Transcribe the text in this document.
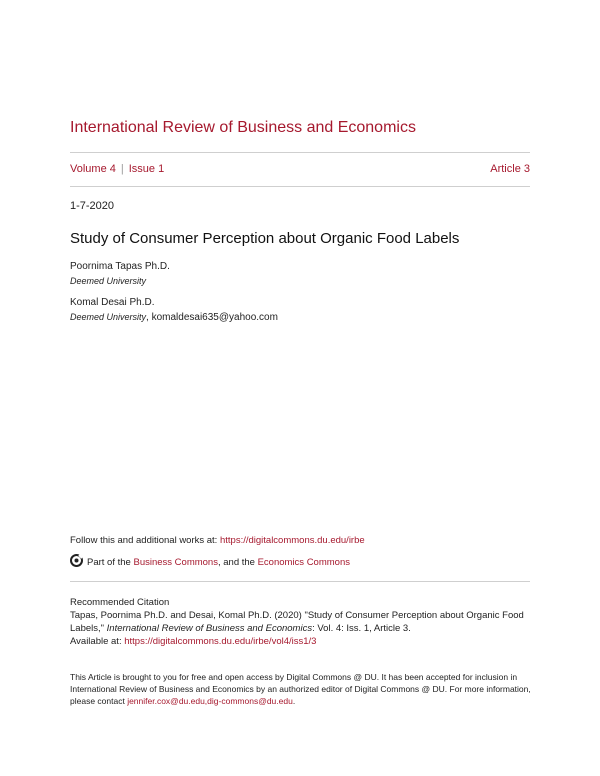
International Review of Business and Economics
Volume 4 | Issue 1	Article 3
1-7-2020
Study of Consumer Perception about Organic Food Labels
Poornima Tapas Ph.D.
Deemed University
Komal Desai Ph.D.
Deemed University, komaldesai635@yahoo.com
Follow this and additional works at: https://digitalcommons.du.edu/irbe
Part of the Business Commons, and the Economics Commons
Recommended Citation
Tapas, Poornima Ph.D. and Desai, Komal Ph.D. (2020) "Study of Consumer Perception about Organic Food Labels," International Review of Business and Economics: Vol. 4: Iss. 1, Article 3.
Available at: https://digitalcommons.du.edu/irbe/vol4/iss1/3
This Article is brought to you for free and open access by Digital Commons @ DU. It has been accepted for inclusion in International Review of Business and Economics by an authorized editor of Digital Commons @ DU. For more information, please contact jennifer.cox@du.edu,dig-commons@du.edu.
